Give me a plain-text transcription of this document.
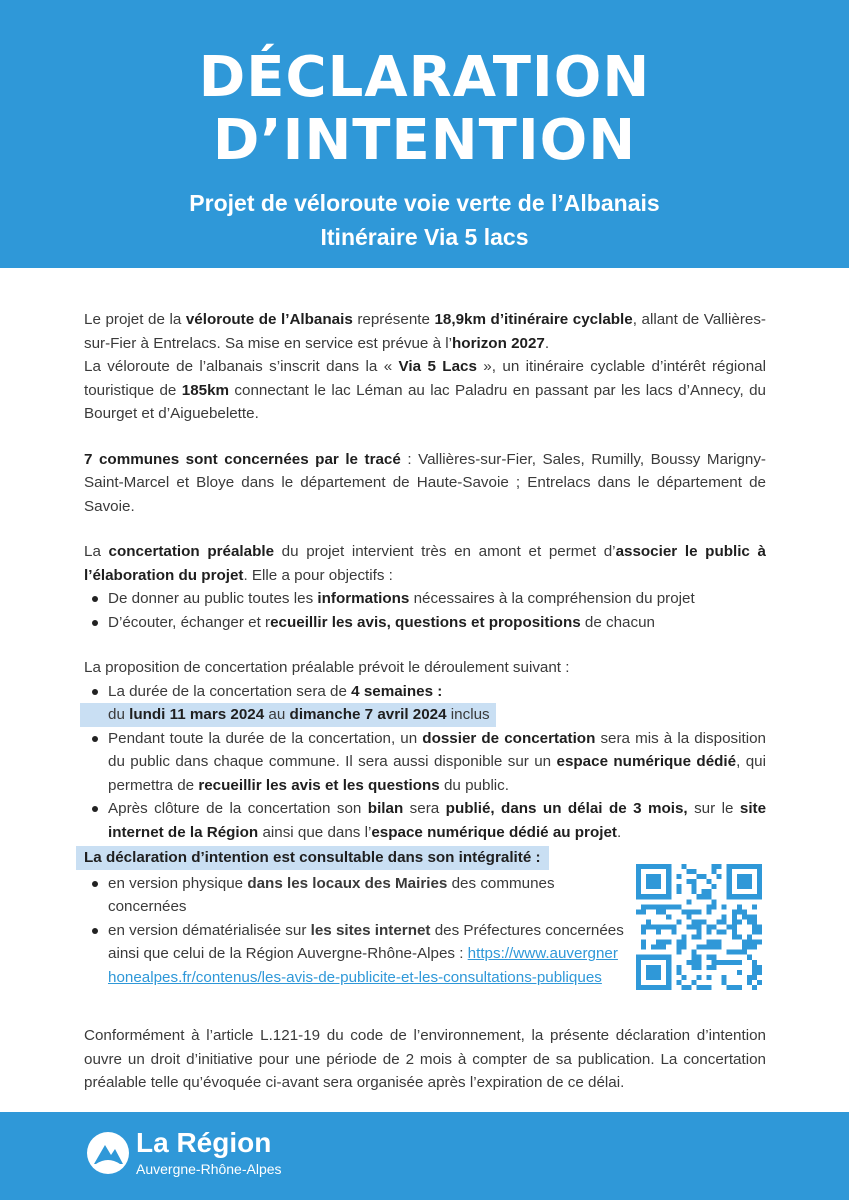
DÉCLARATION
D’INTENTION
Projet de véloroute voie verte de l’Albanais
Itinéraire Via 5 lacs

Le projet de la véloroute de l’Albanais représente 18,9km d’itinéraire cyclable, allant de Vallières-sur-Fier à Entrelacs. Sa mise en service est prévue à l’horizon 2027.
La véloroute de l’albanais s’inscrit dans la « Via 5 Lacs », un itinéraire cyclable d’intérêt régional touristique de 185km connectant le lac Léman au lac Paladru en passant par les lacs d’Annecy, du Bourget et d’Aiguebelette.

7 communes sont concernées par le tracé : Vallières-sur-Fier, Sales, Rumilly, Boussy Marigny-Saint-Marcel et Bloye dans le département de Haute-Savoie ; Entrelacs dans le département de Savoie.

La concertation préalable du projet intervient très en amont et permet d’associer le public à l’élaboration du projet. Elle a pour objectifs :

De donner au public toutes les informations nécessaires à la compréhension du projet
D’écouter, échanger et recueillir les avis, questions et propositions de chacun

La proposition de concertation préalable prévoit le déroulement suivant :

La durée de la concertation sera de 4 semaines :
du lundi 11 mars 2024 au dimanche 7 avril 2024 inclus
Pendant toute la durée de la concertation, un dossier de concertation sera mis à la disposition du public dans chaque commune. Il sera aussi disponible sur un espace numérique dédié, qui permettra de recueillir les avis et les questions du public.
Après clôture de la concertation son bilan sera publié, dans un délai de 3 mois, sur le site internet de la Région ainsi que dans l’espace numérique dédié au projet.
La déclaration d’intention est consultable dans son intégralité :
en version physique dans les locaux des Mairies des communes concernées
en version dématérialisée sur les sites internet des Préfectures concernées ainsi que celui de la Région Auvergne-Rhône-Alpes : https://www.auvergnerhonealpes.fr/contenus/les-avis-de-publicite-et-les-consultations-publiques
Conformément à l’article L.121-19 du code de l’environnement, la présente déclaration d’intention ouvre un droit d’initiative pour une période de 2 mois à compter de sa publication. La concertation préalable telle qu’évoquée ci-avant sera organisée après l’expiration de ce délai.
La Région
Auvergne-Rhône-Alpes
